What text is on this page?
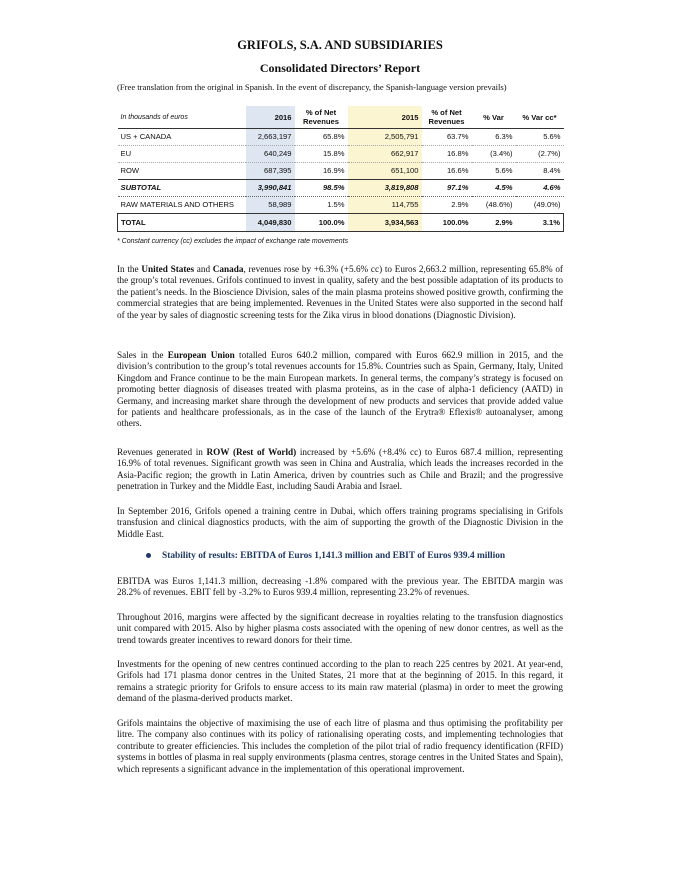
GRIFOLS, S.A. AND SUBSIDIARIES
Consolidated Directors’ Report
(Free translation from the original in Spanish. In the event of discrepancy, the Spanish-language version prevails)
In thousands of euros	2016	% of Net Revenues	2015	% of Net Revenues	% Var	% Var cc*
US + CANADA	2,663,197	65.8%	2,505,791	63.7%	6.3%	5.6%
EU	640,249	15.8%	662,917	16.8%	(3.4%)	(2.7%)
ROW	687,395	16.9%	651,100	16.6%	5.6%	8.4%
SUBTOTAL	3,990,841	98.5%	3,819,808	97.1%	4.5%	4.6%
RAW MATERIALS AND OTHERS	58,989	1.5%	114,755	2.9%	(48.6%)	(49.0%)
TOTAL	4,049,830	100.0%	3,934,563	100.0%	2.9%	3.1%
* Constant currency (cc) excludes the impact of exchange rate movements

In the United States and Canada, revenues rose by +6.3% (+5.6% cc) to Euros 2,663.2 million, representing 65.8% of the group’s total revenues. Grifols continued to invest in quality, safety and the best possible adaptation of its products to the patient’s needs. In the Bioscience Division, sales of the main plasma proteins showed positive growth, confirming the commercial strategies that are being implemented. Revenues in the United States were also supported in the second half of the year by sales of diagnostic screening tests for the Zika virus in blood donations (Diagnostic Division).

Sales in the European Union totalled Euros 640.2 million, compared with Euros 662.9 million in 2015, and the division’s contribution to the group’s total revenues accounts for 15.8%. Countries such as Spain, Germany, Italy, United Kingdom and France continue to be the main European markets. In general terms, the company’s strategy is focused on promoting better diagnosis of diseases treated with plasma proteins, as in the case of alpha-1 deficiency (AATD) in Germany, and increasing market share through the development of new products and services that provide added value for patients and healthcare professionals, as in the case of the launch of the Erytra® Eflexis® autoanalyser, among others.

Revenues generated in ROW (Rest of World) increased by +5.6% (+8.4% cc) to Euros 687.4 million, representing 16.9% of total revenues. Significant growth was seen in China and Australia, which leads the increases recorded in the Asia-Pacific region; the growth in Latin America, driven by countries such as Chile and Brazil; and the progressive penetration in Turkey and the Middle East, including Saudi Arabia and Israel.

In September 2016, Grifols opened a training centre in Dubai, which offers training programs specialising in Grifols transfusion and clinical diagnostics products, with the aim of supporting the growth of the Diagnostic Division in the Middle East.

Stability of results: EBITDA of Euros 1,141.3 million and EBIT of Euros 939.4 million

EBITDA was Euros 1,141.3 million, decreasing -1.8% compared with the previous year. The EBITDA margin was 28.2% of revenues. EBIT fell by -3.2% to Euros 939.4 million, representing 23.2% of revenues.

Throughout 2016, margins were affected by the significant decrease in royalties relating to the transfusion diagnostics unit compared with 2015. Also by higher plasma costs associated with the opening of new donor centres, as well as the trend towards greater incentives to reward donors for their time.

Investments for the opening of new centres continued according to the plan to reach 225 centres by 2021. At year-end, Grifols had 171 plasma donor centres in the United States, 21 more that at the beginning of 2015. In this regard, it remains a strategic priority for Grifols to ensure access to its main raw material (plasma) in order to meet the growing demand of the plasma-derived products market.

Grifols maintains the objective of maximising the use of each litre of plasma and thus optimising the profitability per litre. The company also continues with its policy of rationalising operating costs, and implementing technologies that contribute to greater efficiencies. This includes the completion of the pilot trial of radio frequency identification (RFID) systems in bottles of plasma in real supply environments (plasma centres, storage centres in the United States and Spain), which represents a significant advance in the implementation of this operational improvement.
